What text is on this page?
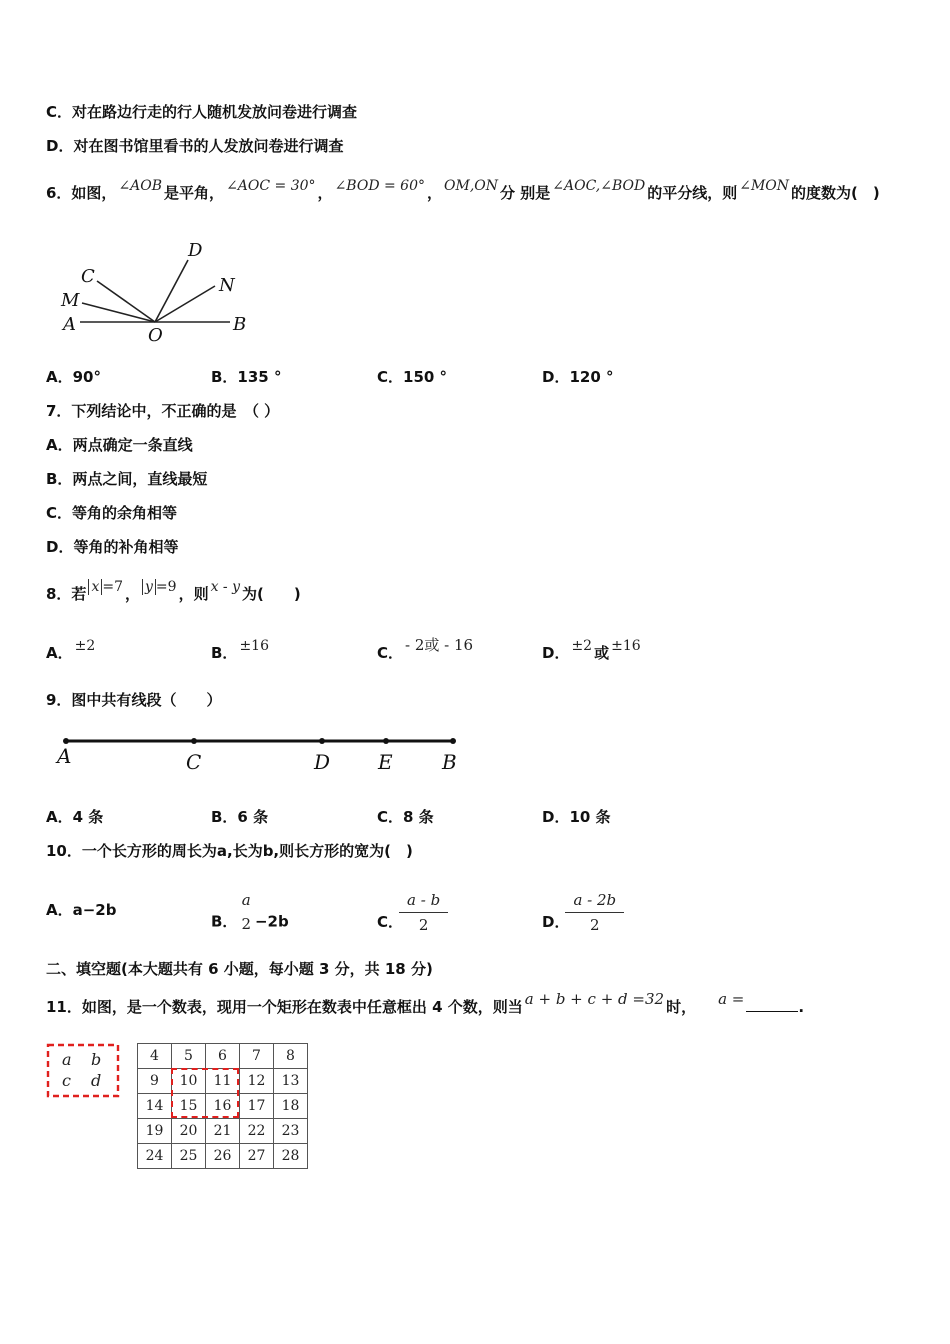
C．对在路边行走的行人随机发放问卷进行调查
D．对在图书馆里看书的人发放问卷进行调查
6．如图， ∠AOB 是平角， ∠AOC = 30° ， ∠BOD = 60° ， OM,ON 分 别是 ∠AOC,∠BOD 的平分线，则 ∠MON 的度数为(　)
D
C	N
M
A
O
B
A．90°	B．135 °	C．150 °	D．120 °
7．下列结论中，不正确的是　（ ）
A．两点确定一条直线
B．两点之间，直线最短
C．等角的余角相等
D．等角的补角相等
8．若 x =7 ， y =9 ，则 x - y 为(　　)
A． ±2	B． ±16	C． - 2或 - 16	D． ±2 或 ±16
9．图中共有线段（　　）
A	C	D E B
A．4 条	B．6 条	C．8 条	D．10 条
10．一个长方形的周长为a,长为b,则长方形的宽为(　)
A．a−2b
B．
a
2 −2b	C． $\frac{a - b}{2}$	D． $\frac{a - 2b}{2}$
二、填空题(本大题共有 6 小题，每小题 3 分，共 18 分)
11．如图，是一个数表，现用一个矩形在数表中任意框出 4 个数，则当 a + b + c + d =32 时， a =	.
a b
c d
4	5	6	7	8
9	10	11	12	13
14	15	16	17	18
19	20	21	22	23
24	25	26	27	28
